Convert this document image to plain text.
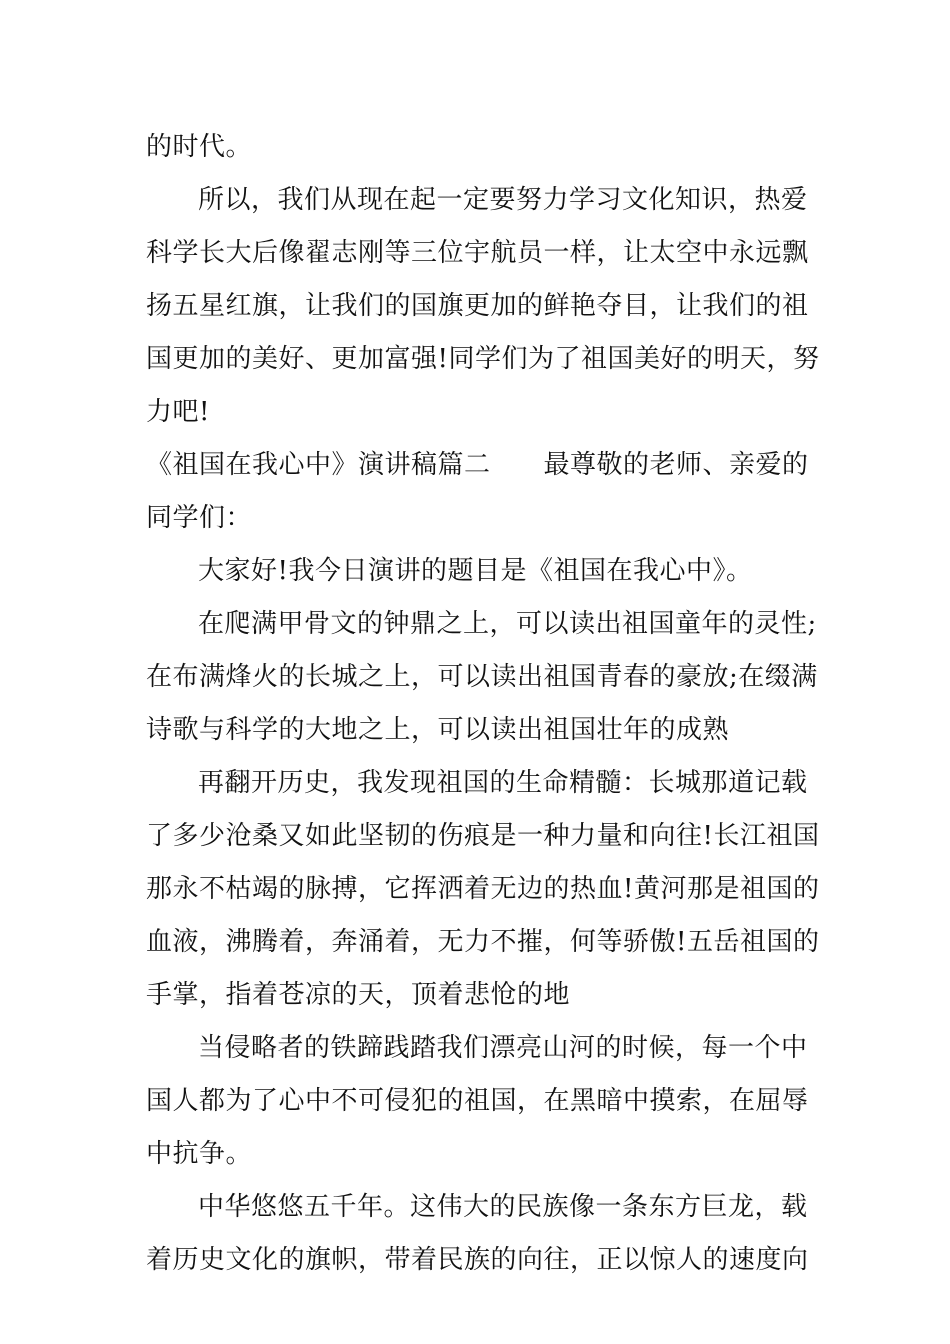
的时代。
所以，我们从现在起一定要努力学习文化知识，热爱
科学长大后像翟志刚等三位宇航员一样，让太空中永远飘
扬五星红旗，让我们的国旗更加的鲜艳夺目，让我们的祖
国更加的美好、更加富强!同学们为了祖国美好的明天，努
力吧!
《祖国在我心中》演讲稿篇二　　最尊敬的老师、亲爱的
同学们：
大家好!我今日演讲的题目是《祖国在我心中》。
在爬满甲骨文的钟鼎之上，可以读出祖国童年的灵性;
在布满烽火的长城之上，可以读出祖国青春的豪放;在缀满
诗歌与科学的大地之上，可以读出祖国壮年的成熟
再翻开历史，我发现祖国的生命精髓：长城那道记载
了多少沧桑又如此坚韧的伤痕是一种力量和向往!长江祖国
那永不枯竭的脉搏，它挥洒着无边的热血!黄河那是祖国的
血液，沸腾着，奔涌着，无力不摧，何等骄傲!五岳祖国的
手掌，指着苍凉的天，顶着悲怆的地
当侵略者的铁蹄践踏我们漂亮山河的时候，每一个中
国人都为了心中不可侵犯的祖国，在黑暗中摸索，在屈辱
中抗争。
中华悠悠五千年。这伟大的民族像一条东方巨龙，载
着历史文化的旗帜，带着民族的向往，正以惊人的速度向
